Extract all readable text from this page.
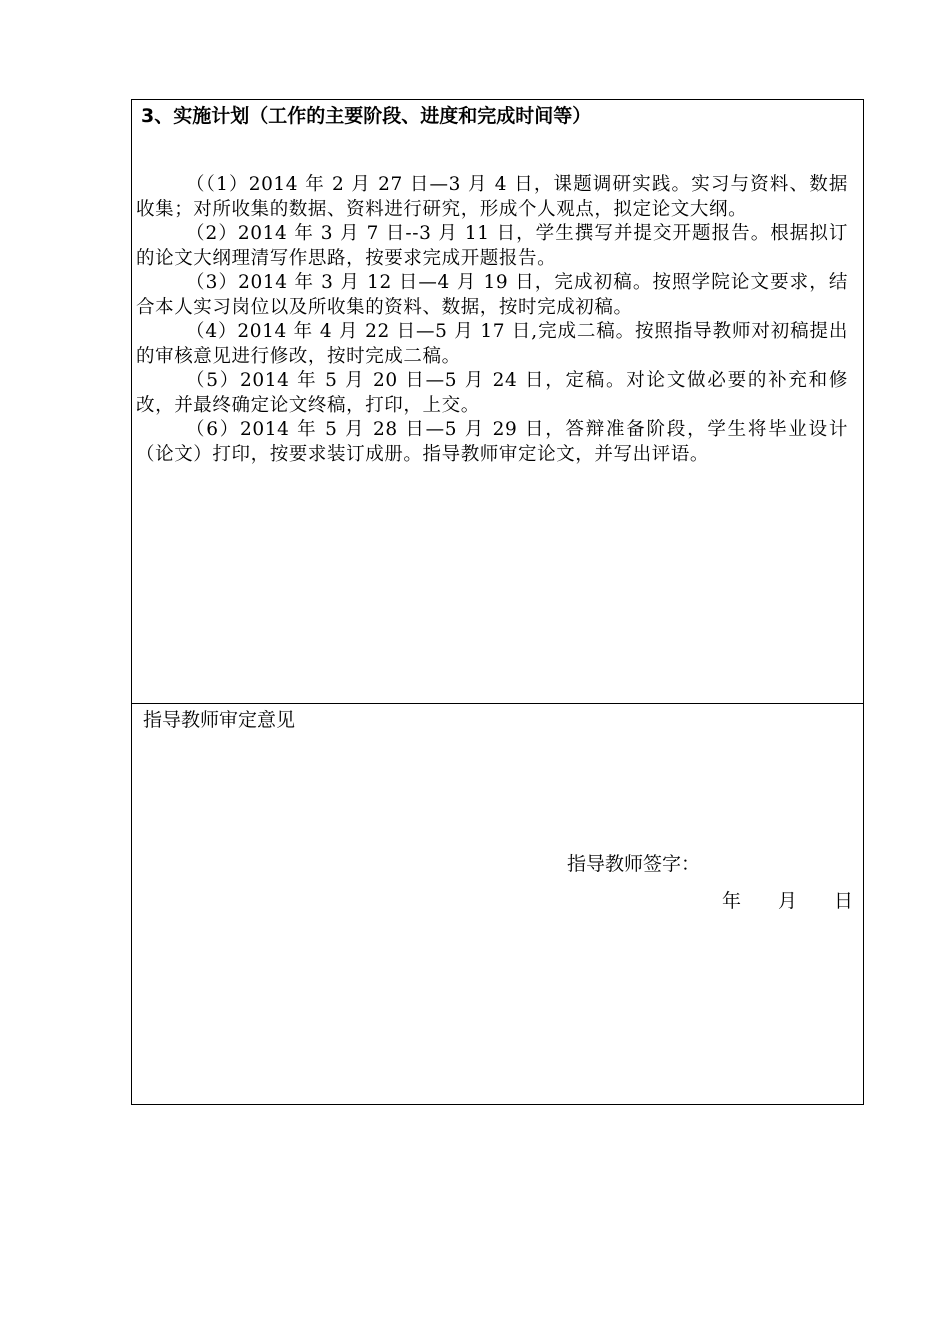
3、实施计划（工作的主要阶段、进度和完成时间等）

（（1）2014 年 2 月 27 日—3 月 4 日，课题调研实践。实习与资料、数据收集；对所收集的数据、资料进行研究，形成个人观点，拟定论文大纲。

（2）2014 年 3 月 7 日--3 月 11 日，学生撰写并提交开题报告。根据拟订的论文大纲理清写作思路，按要求完成开题报告。

（3）2014 年 3 月 12 日—4 月 19 日，完成初稿。按照学院论文要求，结合本人实习岗位以及所收集的资料、数据，按时完成初稿。

（4）2014 年 4 月 22 日—5 月 17 日,完成二稿。按照指导教师对初稿提出的审核意见进行修改，按时完成二稿。

（5）2014 年 5 月 20 日—5 月 24 日，定稿。对论文做必要的补充和修改，并最终确定论文终稿，打印，上交。

（6）2014 年 5 月 28 日—5 月 29 日，答辩准备阶段，学生将毕业设计（论文）打印，按要求装订成册。指导教师审定论文，并写出评语。

指导教师审定意见
指导教师签字：
年 月 日
